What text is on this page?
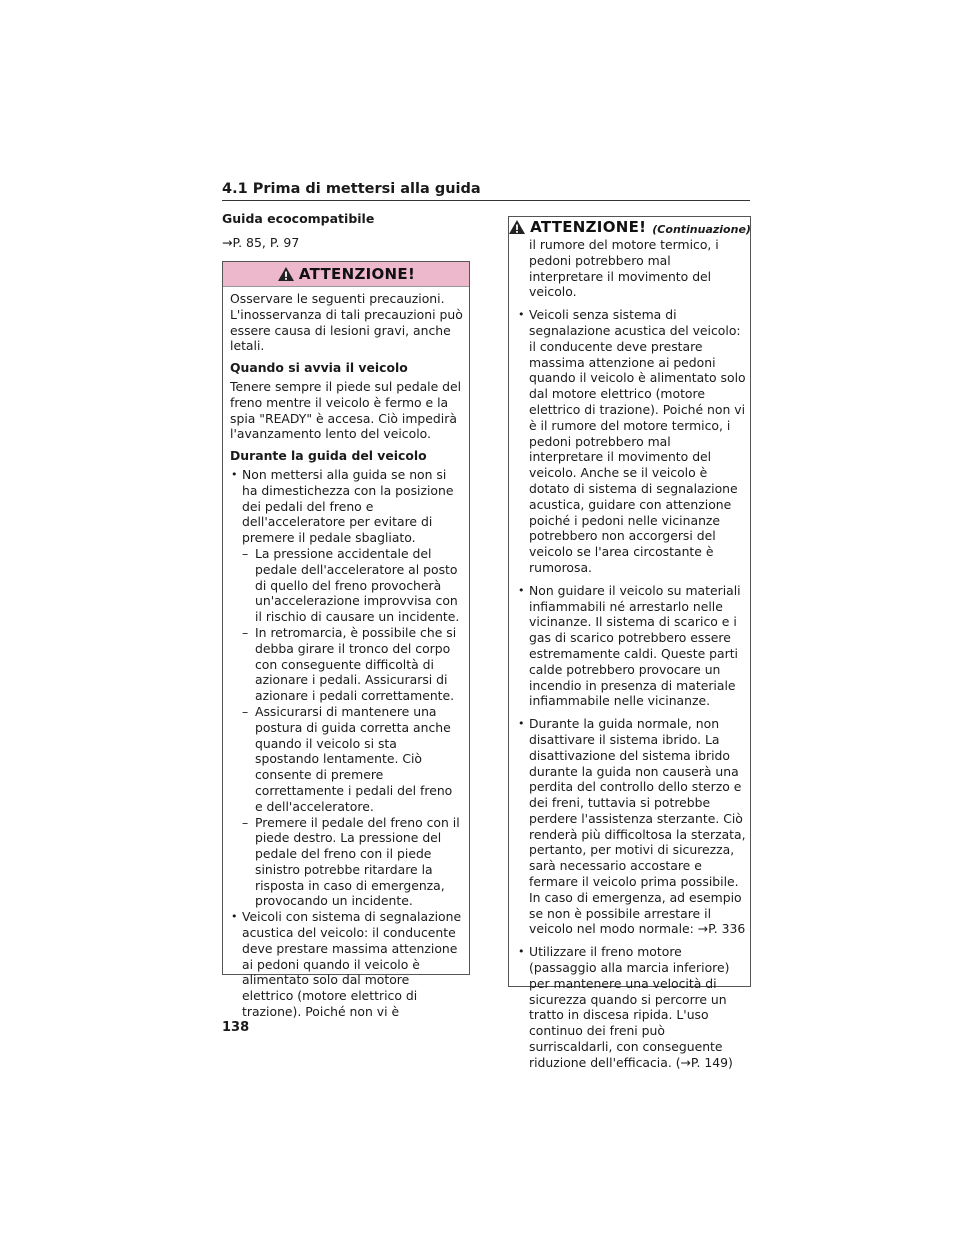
4.1 Prima di mettersi alla guida
Guida ecocompatibile
→P. 85, P. 97
ATTENZIONE!

Osservare le seguenti precauzioni. L'inosservanza di tali precauzioni può essere causa di lesioni gravi, anche letali.

Quando si avvia il veicolo

Tenere sempre il piede sul pedale del freno mentre il veicolo è fermo e la spia "READY" è accesa. Ciò impedirà l'avanzamento lento del veicolo.

Durante la guida del veicolo
• Non mettersi alla guida se non si ha dimestichezza con la posizione dei pedali del freno e dell'acceleratore per evitare di premere il pedale sbagliato.
– La pressione accidentale del pedale dell'acceleratore al posto di quello del freno provocherà un'accelerazione improvvisa con il rischio di causare un incidente.
– In retromarcia, è possibile che si debba girare il tronco del corpo con conseguente difficoltà di azionare i pedali. Assicurarsi di azionare i pedali correttamente.
– Assicurarsi di mantenere una postura di guida corretta anche quando il veicolo si sta spostando lentamente. Ciò consente di premere correttamente i pedali del freno e dell'acceleratore.
– Premere il pedale del freno con il piede destro. La pressione del pedale del freno con il piede sinistro potrebbe ritardare la risposta in caso di emergenza, provocando un incidente.
• Veicoli con sistema di segnalazione acustica del veicolo: il conducente deve prestare massima attenzione ai pedoni quando il veicolo è alimentato solo dal motore elettrico (motore elettrico di trazione). Poiché non vi è
ATTENZIONE! (Continuazione)
il rumore del motore termico, i pedoni potrebbero mal interpretare il movimento del veicolo.
• Veicoli senza sistema di segnalazione acustica del veicolo: il conducente deve prestare massima attenzione ai pedoni quando il veicolo è alimentato solo dal motore elettrico (motore elettrico di trazione). Poiché non vi è il rumore del motore termico, i pedoni potrebbero mal interpretare il movimento del veicolo. Anche se il veicolo è dotato di sistema di segnalazione acustica, guidare con attenzione poiché i pedoni nelle vicinanze potrebbero non accorgersi del veicolo se l'area circostante è rumorosa.
• Non guidare il veicolo su materiali infiammabili né arrestarlo nelle vicinanze. Il sistema di scarico e i gas di scarico potrebbero essere estremamente caldi. Queste parti calde potrebbero provocare un incendio in presenza di materiale infiammabile nelle vicinanze.
• Durante la guida normale, non disattivare il sistema ibrido. La disattivazione del sistema ibrido durante la guida non causerà una perdita del controllo dello sterzo e dei freni, tuttavia si potrebbe perdere l'assistenza sterzante. Ciò renderà più difficoltosa la sterzata, pertanto, per motivi di sicurezza, sarà necessario accostare e fermare il veicolo prima possibile. In caso di emergenza, ad esempio se non è possibile arrestare il veicolo nel modo normale: →P. 336
• Utilizzare il freno motore (passaggio alla marcia inferiore) per mantenere una velocità di sicurezza quando si percorre un tratto in discesa ripida. L'uso continuo dei freni può surriscaldarli, con conseguente riduzione dell'efficacia. (→P. 149)
138
